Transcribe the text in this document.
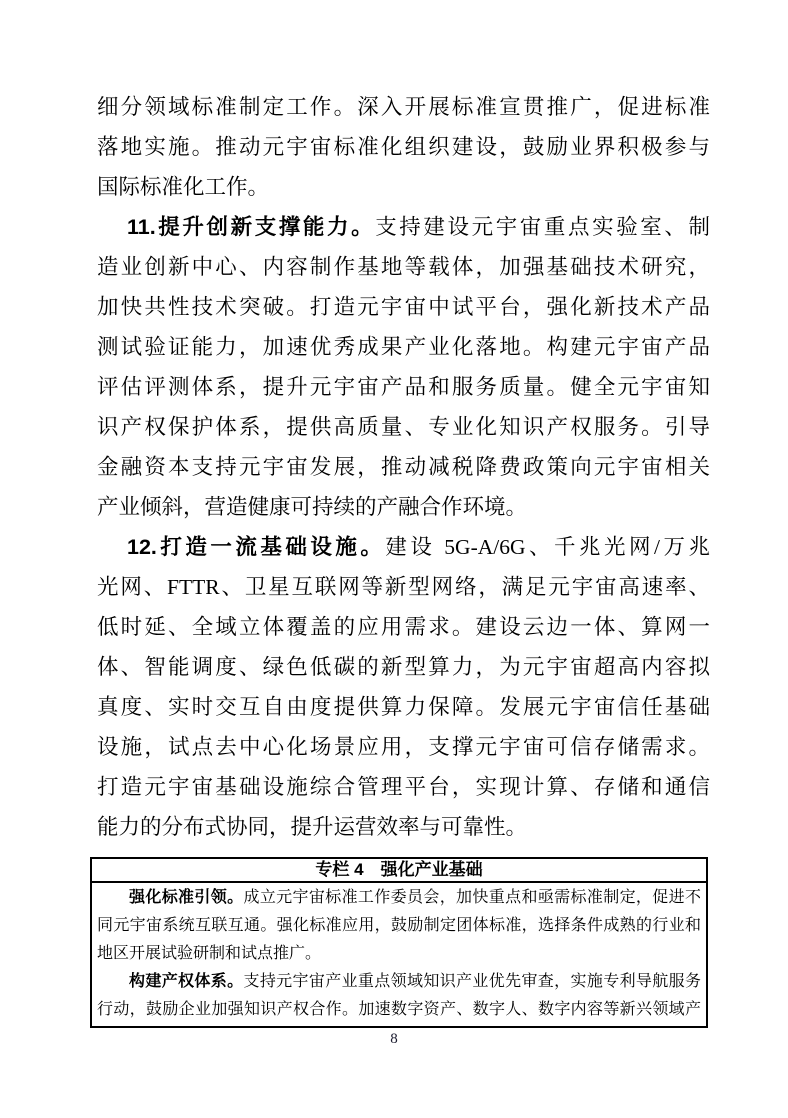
细分领域标准制定工作。深入开展标准宣贯推广，促进标准
落地实施。推动元宇宙标准化组织建设，鼓励业界积极参与
国际标准化工作。
11.提升创新支撑能力。支持建设元宇宙重点实验室、制
造业创新中心、内容制作基地等载体，加强基础技术研究，
加快共性技术突破。打造元宇宙中试平台，强化新技术产品
测试验证能力，加速优秀成果产业化落地。构建元宇宙产品
评估评测体系，提升元宇宙产品和服务质量。健全元宇宙知
识产权保护体系，提供高质量、专业化知识产权服务。引导
金融资本支持元宇宙发展，推动减税降费政策向元宇宙相关
产业倾斜，营造健康可持续的产融合作环境。
12.打造一流基础设施。建设 5G-A/6G、千兆光网/万兆
光网、FTTR、卫星互联网等新型网络，满足元宇宙高速率、
低时延、全域立体覆盖的应用需求。建设云边一体、算网一
体、智能调度、绿色低碳的新型算力，为元宇宙超高内容拟
真度、实时交互自由度提供算力保障。发展元宇宙信任基础
设施，试点去中心化场景应用，支撑元宇宙可信存储需求。
打造元宇宙基础设施综合管理平台，实现计算、存储和通信
能力的分布式协同，提升运营效率与可靠性。
专栏 4　强化产业基础
强化标准引领。成立元宇宙标准工作委员会，加快重点和亟需标准制定，促进不
同元宇宙系统互联互通。强化标准应用，鼓励制定团体标准，选择条件成熟的行业和
地区开展试验研制和试点推广。
构建产权体系。支持元宇宙产业重点领域知识产业优先审查，实施专利导航服务
行动，鼓励企业加强知识产权合作。加速数字资产、数字人、数字内容等新兴领域产
8
